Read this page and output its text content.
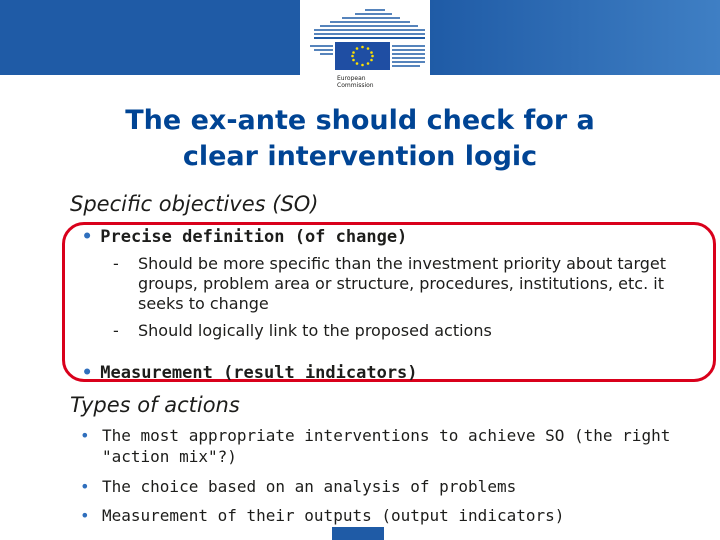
European Commission
The ex-ante should check for a
clear intervention logic
Specific objectives (SO)
• Precise definition (of change)
-	Should be more specific than the investment priority about target groups, problem area or structure, procedures, institutions, etc. it seeks to change
-	Should logically link to the proposed actions
• Measurement (result indicators)
Types of actions
• The most appropriate interventions to achieve SO (the right "action mix"?)
• The choice based on an analysis of problems
• Measurement of their outputs (output indicators)
